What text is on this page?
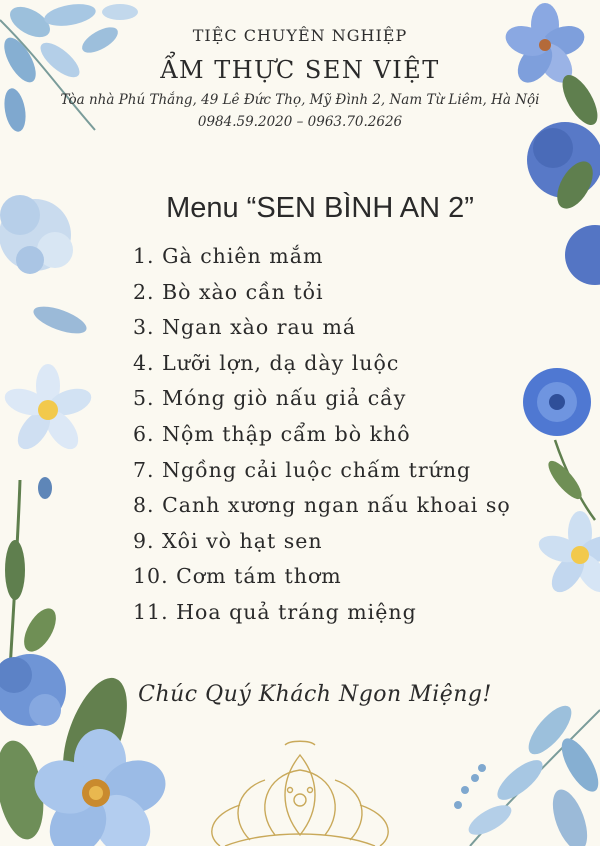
TIỆC CHUYÊN NGHIỆP
ẨM THỰC SEN VIỆT
Tòa nhà Phú Thắng, 49 Lê Đức Thọ, Mỹ Đình 2, Nam Từ Liêm, Hà Nội
0984.59.2020 – 0963.70.2626
Menu “SEN BÌNH AN 2”
1. Gà chiên mắm
2. Bò xào cần tỏi
3. Ngan xào rau má
4. Lưỡi lợn, dạ dày luộc
5. Móng giò nấu giả cầy
6. Nộm thập cẩm bò khô
7. Ngồng cải luộc chấm trứng
8. Canh xương ngan nấu khoai sọ
9. Xôi vò hạt sen
10. Cơm tám thơm
11. Hoa quả tráng miệng
Chúc Quý Khách Ngon Miệng!
